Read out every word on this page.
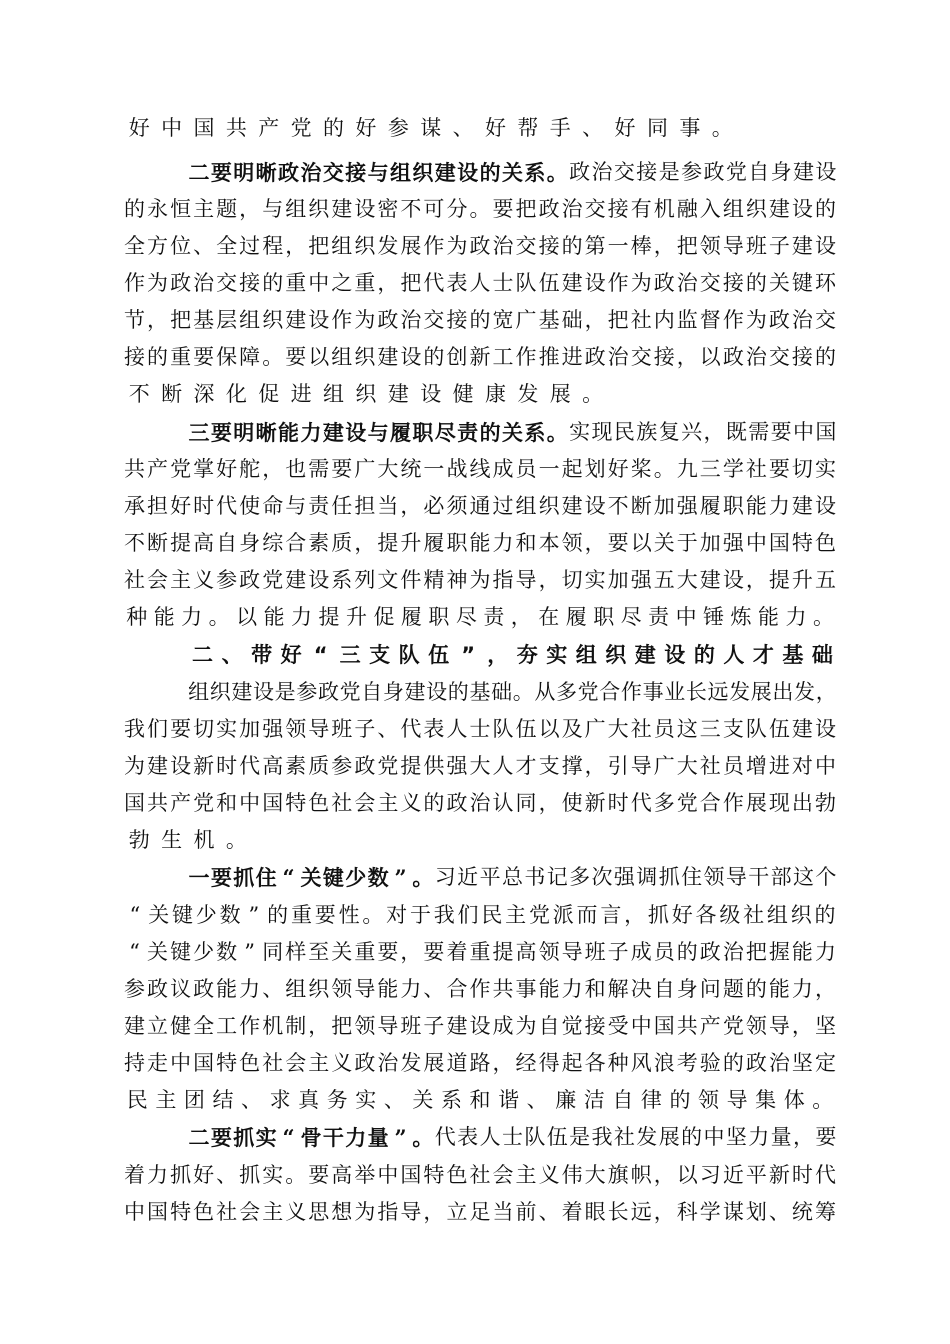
好 中 国 共 产 党 的 好 参 谋 、 好 帮 手 、 好 同 事 。
二 要 明 晰 政 治 交 接 与 组 织 建 设 的 关 系 。 政 治 交 接 是 参 政 党 自 身 建 设
的 永 恒 主 题 ， 与 组 织 建 设 密 不 可 分 。 要 把 政 治 交 接 有 机 融 入 组 织 建 设 的
全 方 位 、 全 过 程 ， 把 组 织 发 展 作 为 政 治 交 接 的 第 一 棒 ， 把 领 导 班 子 建 设
作 为 政 治 交 接 的 重 中 之 重 ， 把 代 表 人 士 队 伍 建 设 作 为 政 治 交 接 的 关 键 环
节 ， 把 基 层 组 织 建 设 作 为 政 治 交 接 的 宽 广 基 础 ， 把 社 内 监 督 作 为 政 治 交
接 的 重 要 保 障 。 要 以 组 织 建 设 的 创 新 工 作 推 进 政 治 交 接 ， 以 政 治 交 接 的
不 断 深 化 促 进 组 织 建 设 健 康 发 展 。
三 要 明 晰 能 力 建 设 与 履 职 尽 责 的 关 系 。 实 现 民 族 复 兴 ， 既 需 要 中 国
共 产 党 掌 好 舵 ， 也 需 要 广 大 统 一 战 线 成 员 一 起 划 好 桨 。 九 三 学 社 要 切 实
承 担 好 时 代 使 命 与 责 任 担 当 ， 必 须 通 过 组 织 建 设 不 断 加 强 履 职 能 力 建 设
不 断 提 高 自 身 综 合 素 质 ， 提 升 履 职 能 力 和 本 领 ， 要 以 关 于 加 强 中 国 特 色
社 会 主 义 参 政 党 建 设 系 列 文 件 精 神 为 指 导 ， 切 实 加 强 五 大 建 设 ， 提 升 五
种 能 力 。 以 能 力 提 升 促 履 职 尽 责 ， 在 履 职 尽 责 中 锤 炼 能 力 。
二 、 带 好 “ 三 支 队 伍 ” ， 夯 实 组 织 建 设 的 人 才 基 础
组 织 建 设 是 参 政 党 自 身 建 设 的 基 础 。 从 多 党 合 作 事 业 长 远 发 展 出 发 ，
我 们 要 切 实 加 强 领 导 班 子 、 代 表 人 士 队 伍 以 及 广 大 社 员 这 三 支 队 伍 建 设
为 建 设 新 时 代 高 素 质 参 政 党 提 供 强 大 人 才 支 撑 ， 引 导 广 大 社 员 增 进 对 中
国 共 产 党 和 中 国 特 色 社 会 主 义 的 政 治 认 同 ， 使 新 时 代 多 党 合 作 展 现 出 勃
勃 生 机 。
一 要 抓 住 “ 关 键 少 数 ” 。 习 近 平 总 书 记 多 次 强 调 抓 住 领 导 干 部 这 个
“ 关 键 少 数 ” 的 重 要 性 。 对 于 我 们 民 主 党 派 而 言 ， 抓 好 各 级 社 组 织 的
“ 关 键 少 数 ” 同 样 至 关 重 要 ， 要 着 重 提 高 领 导 班 子 成 员 的 政 治 把 握 能 力
参 政 议 政 能 力 、 组 织 领 导 能 力 、 合 作 共 事 能 力 和 解 决 自 身 问 题 的 能 力 ，
建 立 健 全 工 作 机 制 ， 把 领 导 班 子 建 设 成 为 自 觉 接 受 中 国 共 产 党 领 导 ， 坚
持 走 中 国 特 色 社 会 主 义 政 治 发 展 道 路 ， 经 得 起 各 种 风 浪 考 验 的 政 治 坚 定
民 主 团 结 、 求 真 务 实 、 关 系 和 谐 、 廉 洁 自 律 的 领 导 集 体 。
二 要 抓 实 “ 骨 干 力 量 ” 。 代 表 人 士 队 伍 是 我 社 发 展 的 中 坚 力 量 ， 要
着 力 抓 好 、 抓 实 。 要 高 举 中 国 特 色 社 会 主 义 伟 大 旗 帜 ， 以 习 近 平 新 时 代
中 国 特 色 社 会 主 义 思 想 为 指 导 ， 立 足 当 前 、 着 眼 长 远 ， 科 学 谋 划 、 统 筹
